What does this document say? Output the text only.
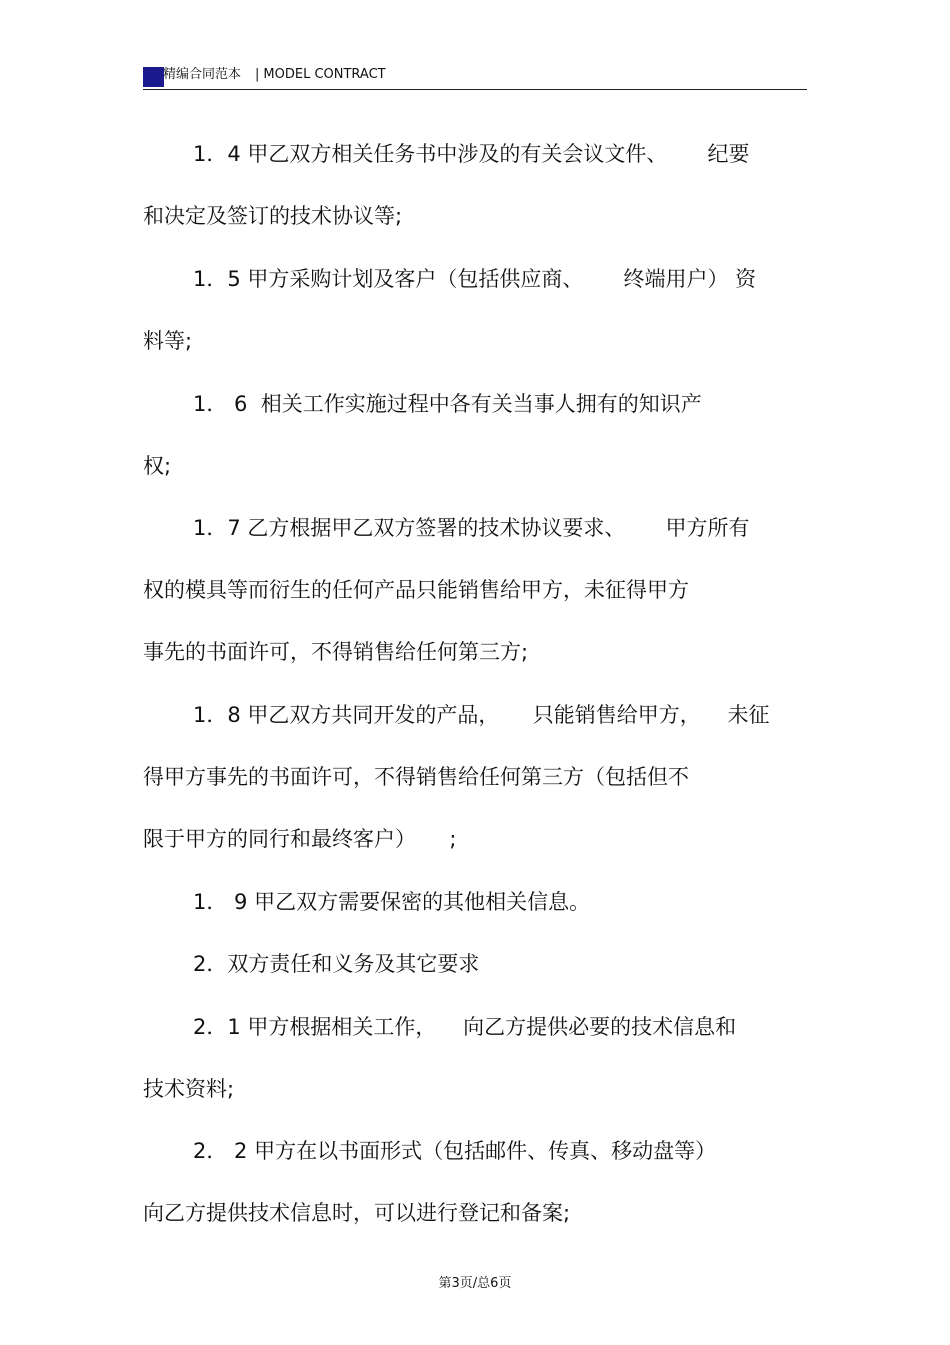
精编合同范本 | MODEL CONTRACT
1．4 甲乙双方相关任务书中涉及的有关会议文件、      纪要
和决定及签订的技术协议等;
1．5 甲方采购计划及客户（包括供应商、      终端用户） 资
料等;
1． 6  相关工作实施过程中各有关当事人拥有的知识产
权;
1．7 乙方根据甲乙双方签署的技术协议要求、      甲方所有
权的模具等而衍生的任何产品只能销售给甲方，未征得甲方
事先的书面许可，不得销售给任何第三方;
1．8 甲乙双方共同开发的产品，     只能销售给甲方，    未征
得甲方事先的书面许可，不得销售给任何第三方（包括但不
限于甲方的同行和最终客户）     ;
1． 9 甲乙双方需要保密的其他相关信息。
2．双方责任和义务及其它要求
2．1 甲方根据相关工作，    向乙方提供必要的技术信息和
技术资料;
2． 2 甲方在以书面形式（包括邮件、传真、移动盘等）
向乙方提供技术信息时，可以进行登记和备案;
第3页/总6页
